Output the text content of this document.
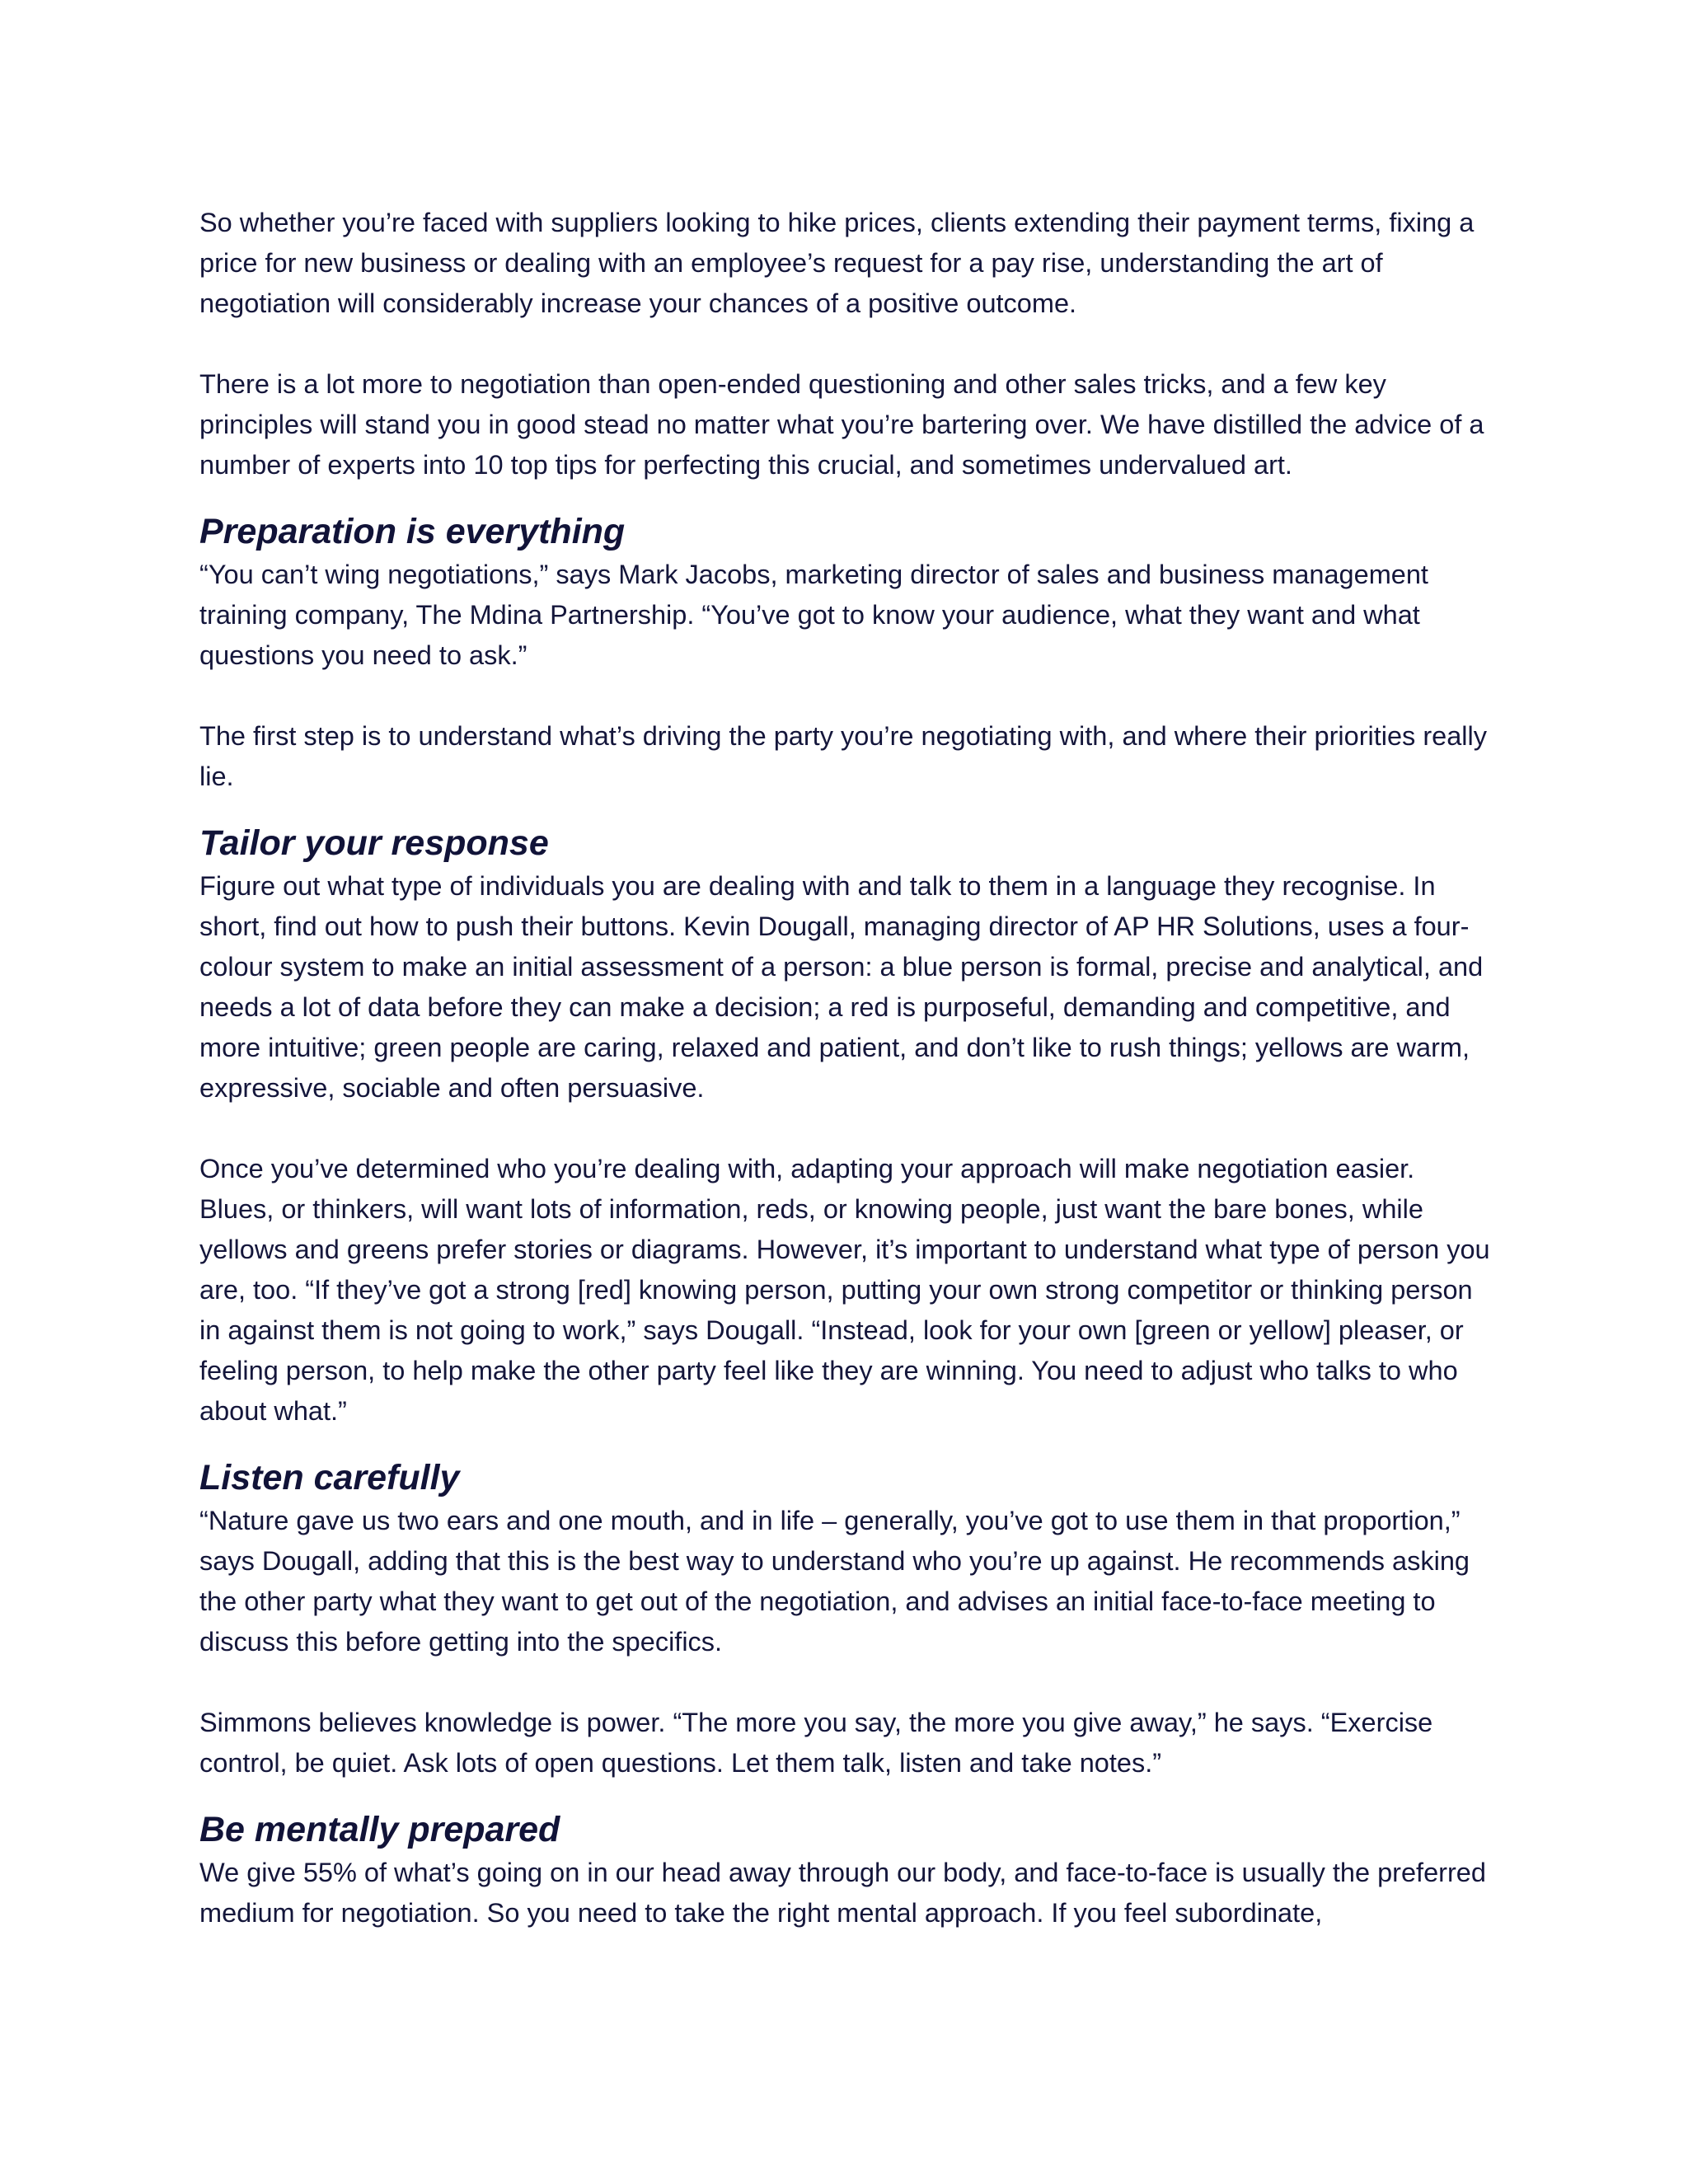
So whether you’re faced with suppliers looking to hike prices, clients extending their payment terms, fixing a price for new business or dealing with an employee’s request for a pay rise, understanding the art of negotiation will considerably increase your chances of a positive outcome.

There is a lot more to negotiation than open-ended questioning and other sales tricks, and a few key principles will stand you in good stead no matter what you’re bartering over. We have distilled the advice of a number of experts into 10 top tips for perfecting this crucial, and sometimes undervalued art.

Preparation is everything

“You can’t wing negotiations,” says Mark Jacobs, marketing director of sales and business management training company, The Mdina Partnership. “You’ve got to know your audience, what they want and what questions you need to ask.”

The first step is to understand what’s driving the party you’re negotiating with, and where their priorities really lie.

Tailor your response

Figure out what type of individuals you are dealing with and talk to them in a language they recognise. In short, find out how to push their buttons. Kevin Dougall, managing director of AP HR Solutions, uses a four-colour system to make an initial assessment of a person: a blue person is formal, precise and analytical, and needs a lot of data before they can make a decision; a red is purposeful, demanding and competitive, and more intuitive; green people are caring, relaxed and patient, and don’t like to rush things; yellows are warm, expressive, sociable and often persuasive.

Once you’ve determined who you’re dealing with, adapting your approach will make negotiation easier. Blues, or thinkers, will want lots of information, reds, or knowing people, just want the bare bones, while yellows and greens prefer stories or diagrams. However, it’s important to understand what type of person you are, too. “If they’ve got a strong [red] knowing person, putting your own strong competitor or thinking person in against them is not going to work,” says Dougall. “Instead, look for your own [green or yellow] pleaser, or feeling person, to help make the other party feel like they are winning. You need to adjust who talks to who about what.”

Listen carefully

“Nature gave us two ears and one mouth, and in life – generally, you’ve got to use them in that proportion,” says Dougall, adding that this is the best way to understand who you’re up against. He recommends asking the other party what they want to get out of the negotiation, and advises an initial face-to-face meeting to discuss this before getting into the specifics.

Simmons believes knowledge is power. “The more you say, the more you give away,” he says. “Exercise control, be quiet. Ask lots of open questions. Let them talk, listen and take notes.”

Be mentally prepared

We give 55% of what’s going on in our head away through our body, and face-to-face is usually the preferred medium for negotiation. So you need to take the right mental approach. If you feel subordinate,
